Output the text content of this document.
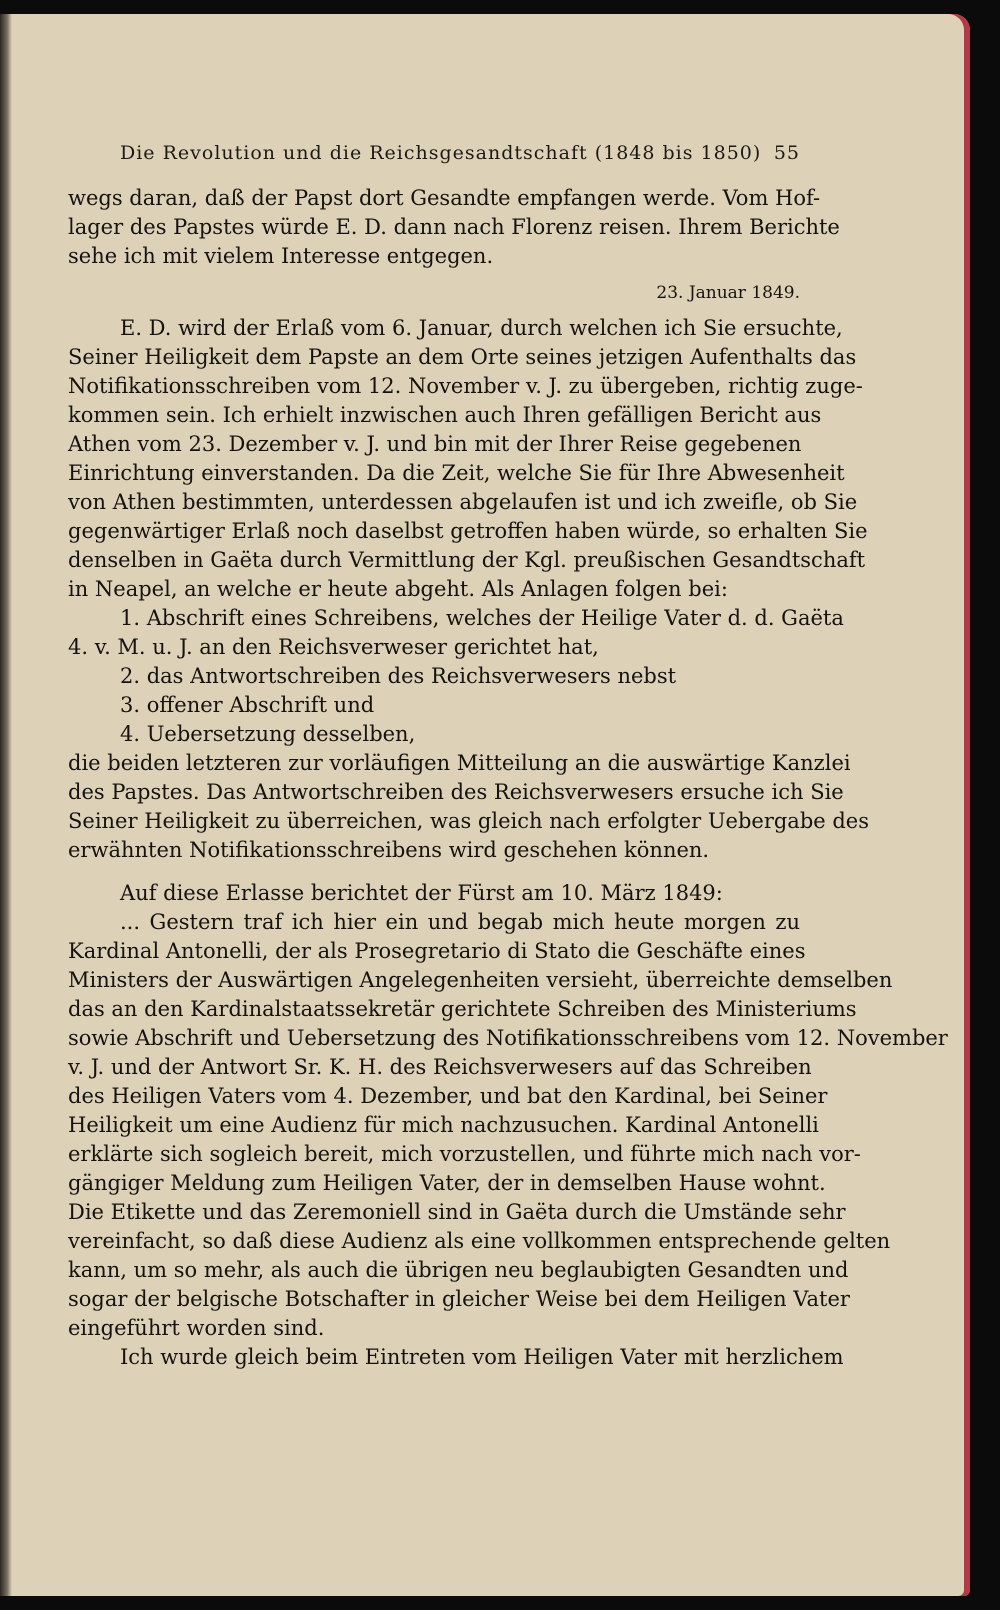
Die Revolution und die Reichsgesandtschaft (1848 bis 1850) 55

wegs daran, daß der Papst dort Gesandte empfangen werde. Vom Hof-
lager des Papstes würde E. D. dann nach Florenz reisen. Ihrem Berichte
sehe ich mit vielem Interesse entgegen.

23. Januar 1849.

E. D. wird der Erlaß vom 6. Januar, durch welchen ich Sie ersuchte,
Seiner Heiligkeit dem Papste an dem Orte seines jetzigen Aufenthalts das
Notifikationsschreiben vom 12. November v. J. zu übergeben, richtig zuge-
kommen sein. Ich erhielt inzwischen auch Ihren gefälligen Bericht aus
Athen vom 23. Dezember v. J. und bin mit der Ihrer Reise gegebenen
Einrichtung einverstanden. Da die Zeit, welche Sie für Ihre Abwesenheit
von Athen bestimmten, unterdessen abgelaufen ist und ich zweifle, ob Sie
gegenwärtiger Erlaß noch daselbst getroffen haben würde, so erhalten Sie
denselben in Gaëta durch Vermittlung der Kgl. preußischen Gesandtschaft
in Neapel, an welche er heute abgeht. Als Anlagen folgen bei:

1. Abschrift eines Schreibens, welches der Heilige Vater d. d. Gaëta
4. v. M. u. J. an den Reichsverweser gerichtet hat,
2. das Antwortschreiben des Reichsverwesers nebst
3. offener Abschrift und
4. Uebersetzung desselben,

die beiden letzteren zur vorläufigen Mitteilung an die auswärtige Kanzlei
des Papstes. Das Antwortschreiben des Reichsverwesers ersuche ich Sie
Seiner Heiligkeit zu überreichen, was gleich nach erfolgter Uebergabe des
erwähnten Notifikationsschreibens wird geschehen können.

Auf diese Erlasse berichtet der Fürst am 10. März 1849:

... Gestern traf ich hier ein und begab mich heute morgen zu
Kardinal Antonelli, der als Prosegretario di Stato die Geschäfte eines
Ministers der Auswärtigen Angelegenheiten versieht, überreichte demselben
das an den Kardinalstaatssekretär gerichtete Schreiben des Ministeriums
sowie Abschrift und Uebersetzung des Notifikationsschreibens vom 12. November
v. J. und der Antwort Sr. K. H. des Reichsverwesers auf das Schreiben
des Heiligen Vaters vom 4. Dezember, und bat den Kardinal, bei Seiner
Heiligkeit um eine Audienz für mich nachzusuchen. Kardinal Antonelli
erklärte sich sogleich bereit, mich vorzustellen, und führte mich nach vor-
gängiger Meldung zum Heiligen Vater, der in demselben Hause wohnt.
Die Etikette und das Zeremoniell sind in Gaëta durch die Umstände sehr
vereinfacht, so daß diese Audienz als eine vollkommen entsprechende gelten
kann, um so mehr, als auch die übrigen neu beglaubigten Gesandten und
sogar der belgische Botschafter in gleicher Weise bei dem Heiligen Vater
eingeführt worden sind.

Ich wurde gleich beim Eintreten vom Heiligen Vater mit herzlichem
